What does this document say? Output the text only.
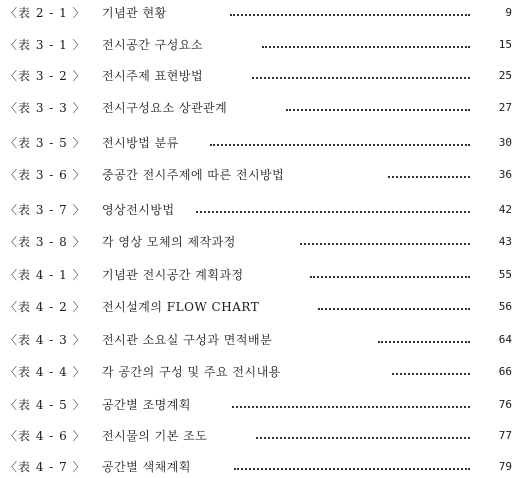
〈表 2 - 1 〉 기념관 현황	9
〈表 3 - 1 〉 전시공간 구성요소	15
〈表 3 - 2 〉 전시주제 표현방법	25
〈表 3 - 3 〉 전시구성요소 상관관계	27
〈表 3 - 5 〉 전시방법 분류	30
〈表 3 - 6 〉 중공간 전시주제에 따른 전시방법	36
〈表 3 - 7 〉 영상전시방법	42
〈表 3 - 8 〉 각 영상 모체의 제작과정	43
〈表 4 - 1 〉 기념관 전시공간 계획과정	55
〈表 4 - 2 〉 전시설계의 FLOW CHART	56
〈表 4 - 3 〉 전시관 소요실 구성과 면적배분	64
〈表 4 - 4 〉 각 공간의 구성 및 주요 전시내용	66
〈表 4 - 5 〉 공간별 조명계획	76
〈表 4 - 6 〉 전시물의 기본 조도	77
〈表 4 - 7 〉 공간별 색채계획	79
